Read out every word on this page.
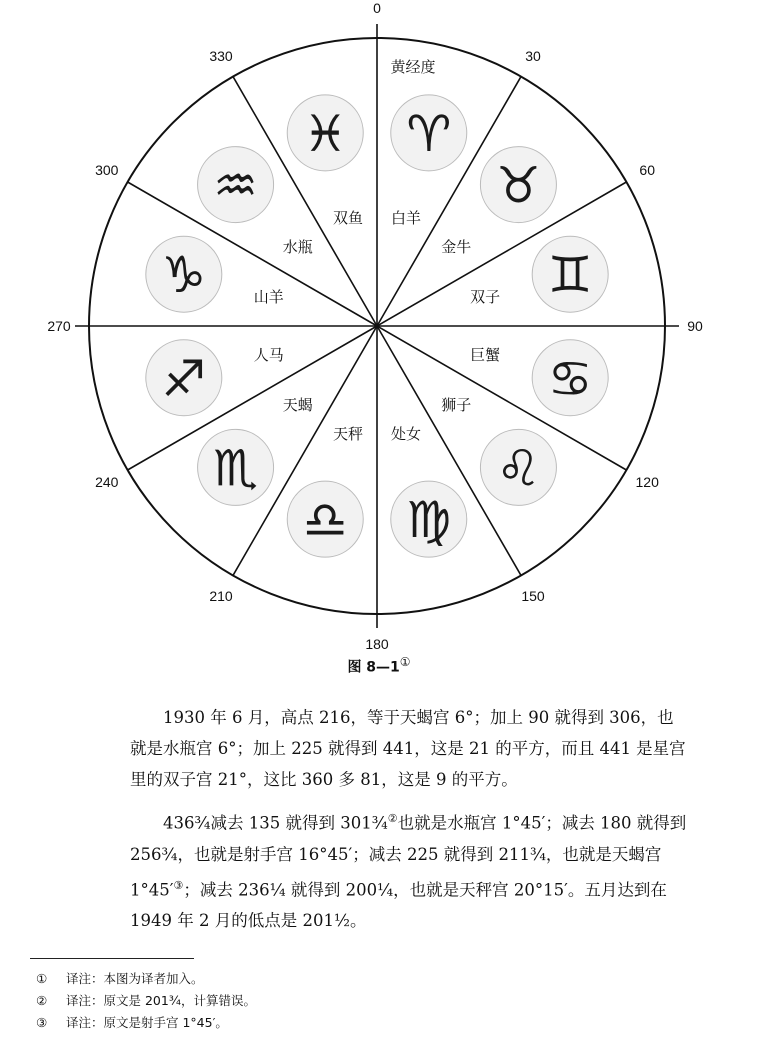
0
30
60
90
120
150
180
210
240
270
300
330
♈
♉
♊
♋
♌
♍
♎
♏
♐
♑
♒
♓
白羊
金牛
双子
巨蟹
狮子
处女
天秤
天蝎
人马
山羊
水瓶
双鱼
黄经度
图 8—1①

1930 年 6 月，高点 216，等于天蝎宫 6°；加上 90 就得到 306，也就是水瓶宫 6°；加上 225 就得到 441，这是 21 的平方，而且 441 是星宫里的双子宫 21°，这比 360 多 81，这是 9 的平方。

436¾减去 135 就得到 301¾②也就是水瓶宫 1°45′；减去 180 就得到 256¾，也就是射手宫 16°45′；减去 225 就得到 211¾，也就是天蝎宫 1°45′③；减去 236¼ 就得到 200¼，也就是天秤宫 20°15′。五月达到在 1949 年 2 月的低点是 201½。

① 译注：本图为译者加入。
② 译注：原文是 201¾，计算错误。
③ 译注：原文是射手宫 1°45′。
